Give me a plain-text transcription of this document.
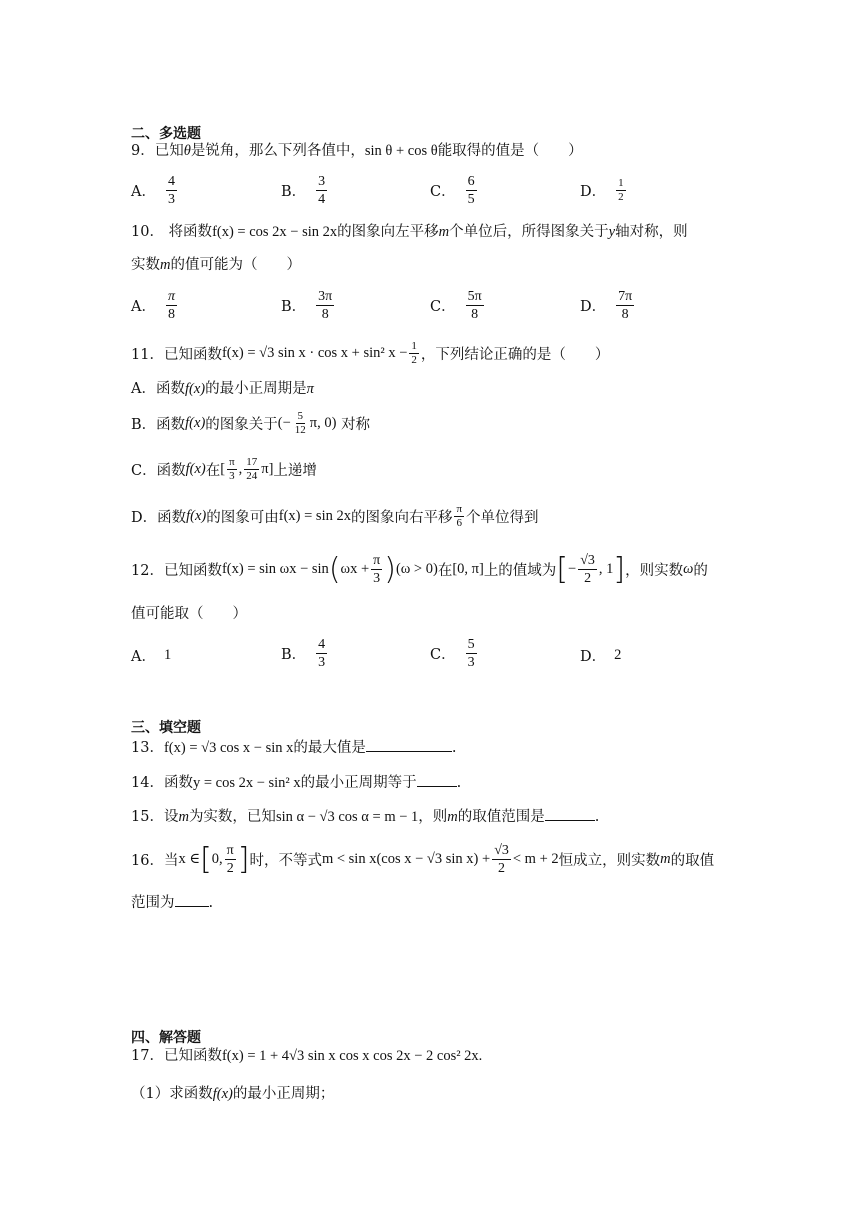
二、多选题
9．已知θ是锐角，那么下列各值中，sin θ + cos θ能取得的值是（　　）
A． $\frac{4}{3}$	B． $\frac{3}{4}$	C． $\frac{6}{5}$	D． $\frac{1}{2}$
10． 将函数f(x) = cos 2x − sin 2x的图象向左平移m个单位后，所得图象关于y轴对称，则
实数m的值可能为（　　）
A． $\frac{\pi}{8}$	B． $\frac{3\pi}{8}$	C． $\frac{5\pi}{8}$	D． $\frac{7\pi}{8}$
11． 已知函数 f(x) = √3 sin x · cos x + sin² $x - \frac{1}{2}$ ，下列结论正确的是（　　）
A．函数f(x)的最小正周期是π
B． 函数 f(x) 的图象关于 (− $\frac{5}{12} \pi$, 0)
对称
C． 函数 f(x) 在 [ $\frac{\pi}{3}$ , $\frac{17}{24} \pi$] 上递增
D． 函数 f(x) 的图象可由 f(x) = sin 2x 的图象向右平移 $\frac{\pi}{6}$ 个单位得到
12． 已知函数 f(x) = sin ωx − sin ( $\omega x + \frac{\pi}{3}$ ) (ω > 0) 在 [0, π] 上的值域为 [ − $\frac{√3}{2}$ , 1 ] ，则实数 ω 的
值可能取（　　）
A． 1	B． $\frac{4}{3}$	C． $\frac{5}{3}$	D． 2
三、填空题
13．f(x) = √3 cos x − sin x的最大值是	.
14．函数y = cos 2x − sin² x的最小正周期等于	.
15．设m为实数，已知sin α − √3 cos α = m − 1，则m的取值范围是	.
16． 当 x ∈ [ 0, $\frac{\pi}{2}$ ] 时，不等式 m < sin x(cos x − √3 $\sin x) + \frac{√3}{2} < m + 2$ 恒成立，则实数 m 的取值
范围为 .
四、解答题
17．已知函数f(x) = 1 + 4√3 sin x cos x cos 2x − 2 cos² 2x.
（1）求函数f(x)的最小正周期；
